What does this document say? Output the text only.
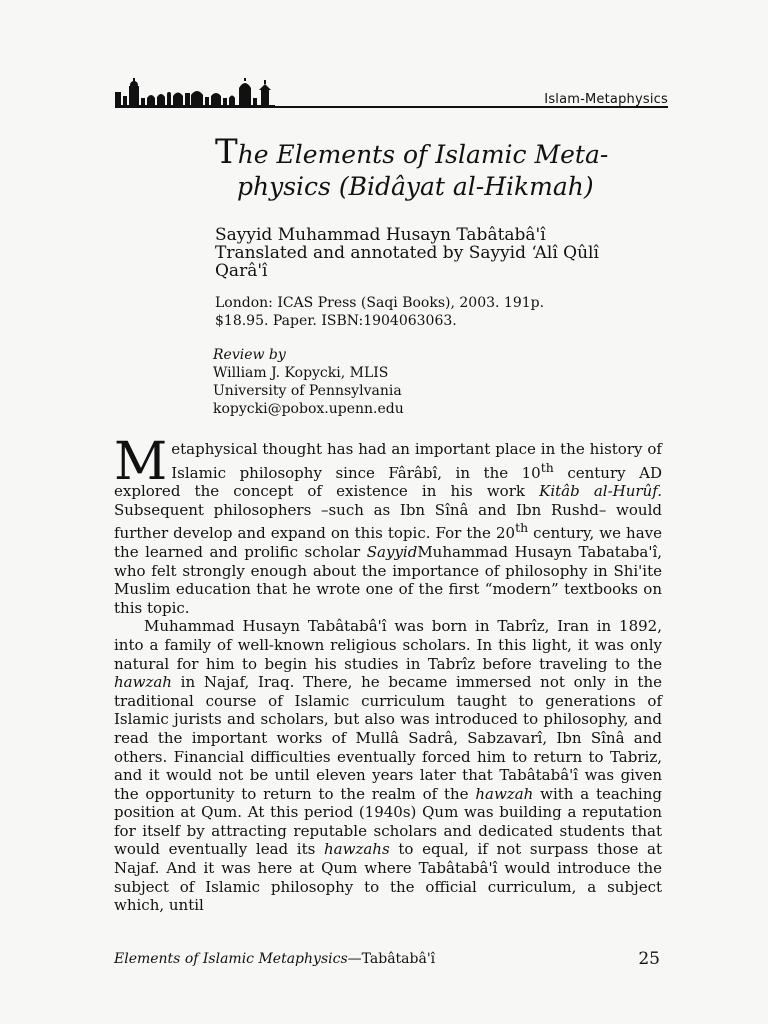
Islam-Metaphysics
The Elements of Islamic Meta-
physics (Bidâyat al-Hikmah)
Sayyid Muhammad Husayn Tabâtabâ'î
Translated and annotated by Sayyid ‘Alî Qûlî
Qarâ'î
London: ICAS Press (Saqi Books), 2003. 191p.
$18.95. Paper. ISBN:1904063063.
Review by
William J. Kopycki, MLIS
University of Pennsylvania
kopycki@pobox.upenn.edu

Metaphysical thought has had an important place in the history of Islamic philosophy since Fârâbî, in the 10th century AD explored the concept of existence in his work Kitâb al-Hurûf. Subsequent philosophers –such as Ibn Sînâ and Ibn Rushd– would further develop and expand on this topic. For the 20th century, we have the learned and prolific scholar SayyidMuhammad Husayn Tabataba'î, who felt strongly enough about the importance of philosophy in Shi'ite Muslim education that he wrote one of the first “modern” textbooks on this topic.

Muhammad Husayn Tabâtabâ'î was born in Tabrîz, Iran in 1892, into a family of well-known religious scholars. In this light, it was only natural for him to begin his studies in Tabrîz before traveling to the hawzah in Najaf, Iraq. There, he became immersed not only in the traditional course of Islamic curriculum taught to generations of Islamic jurists and scholars, but also was introduced to philosophy, and read the important works of Mullâ Sadrâ, Sabzavarî, Ibn Sînâ and others. Financial difficulties eventually forced him to return to Tabriz, and it would not be until eleven years later that Tabâtabâ'î was given the opportunity to return to the realm of the hawzah with a teaching position at Qum. At this period (1940s) Qum was building a reputation for itself by attracting reputable scholars and dedicated students that would eventually lead its hawzahs to equal, if not surpass those at Najaf. And it was here at Qum where Tabâtabâ'î would introduce the subject of Islamic philosophy to the official curriculum, a subject which, until

Elements of Islamic Metaphysics—Tabâtabâ'î	25
